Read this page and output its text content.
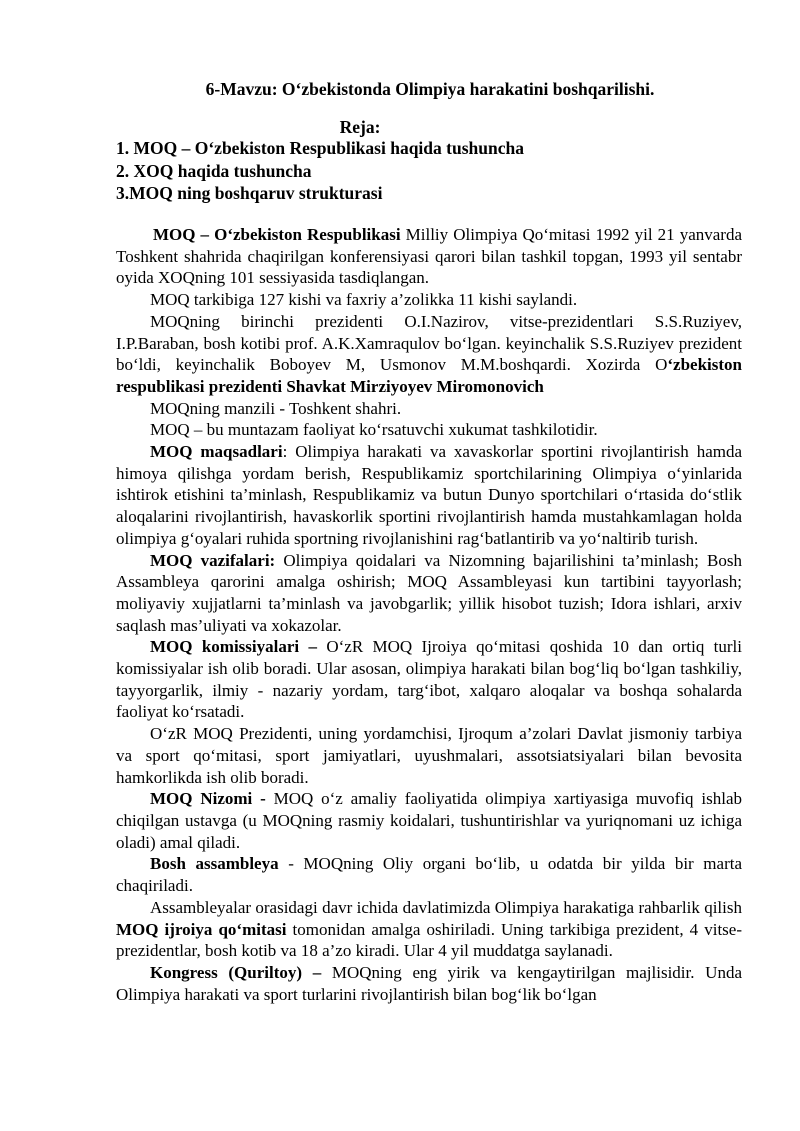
6-Mavzu: O‘zbekistonda Olimpiya harakatini boshqarilishi.
Reja:
1. MOQ – O‘zbekiston Respublikasi haqida tushuncha
2. XOQ haqida tushuncha
3.MOQ ning boshqaruv strukturasi

MOQ – O‘zbekiston Respublikasi Milliy Olimpiya Qo‘mitasi 1992 yil 21 yanvarda Toshkent shahrida chaqirilgan konferensiyasi qarori bilan tashkil topgan, 1993 yil sentabr oyida XOQning 101 sessiyasida tasdiqlangan.

MOQ tarkibiga 127 kishi va faxriy a’zolikka 11 kishi saylandi.

MOQning birinchi prezidenti O.I.Nazirov, vitse-prezidentlari S.S.Ruziyev, I.P.Baraban, bosh kotibi prof. A.K.Xamraqulov bo‘lgan. keyinchalik S.S.Ruziyev prezident bo‘ldi, keyinchalik Boboyev M, Usmonov M.M.boshqardi. Xozirda O‘zbekiston respublikasi prezidenti Shavkat Mirziyoyev Miromonovich

MOQning manzili - Toshkent shahri.

MOQ – bu muntazam faoliyat ko‘rsatuvchi xukumat tashkilotidir.

MOQ maqsadlari: Olimpiya harakati va xavaskorlar sportini rivojlantirish hamda himoya qilishga yordam berish, Respublikamiz sportchilarining Olimpiya o‘yinlarida ishtirok etishini ta’minlash, Respublikamiz va butun Dunyo sportchilari o‘rtasida do‘stlik aloqalarini rivojlantirish, havaskorlik sportini rivojlantirish hamda mustahkamlagan holda olimpiya g‘oyalari ruhida sportning rivojlanishini rag‘batlantirib va yo‘naltirib turish.

MOQ vazifalari: Olimpiya qoidalari va Nizomning bajarilishini ta’minlash; Bosh Assambleya qarorini amalga oshirish; MOQ Assambleyasi kun tartibini tayyorlash; moliyaviy xujjatlarni ta’minlash va javobgarlik; yillik hisobot tuzish; Idora ishlari, arxiv saqlash mas’uliyati va xokazolar.

MOQ komissiyalari – O‘zR MOQ Ijroiya qo‘mitasi qoshida 10 dan ortiq turli komissiyalar ish olib boradi. Ular asosan, olimpiya harakati bilan bog‘liq bo‘lgan tashkiliy, tayyorgarlik, ilmiy - nazariy yordam, targ‘ibot, xalqaro aloqalar va boshqa sohalarda faoliyat ko‘rsatadi.

O‘zR MOQ Prezidenti, uning yordamchisi, Ijroqum a’zolari Davlat jismoniy tarbiya va sport qo‘mitasi, sport jamiyatlari, uyushmalari, assotsiatsiyalari bilan bevosita hamkorlikda ish olib boradi.

MOQ Nizomi - MOQ o‘z amaliy faoliyatida olimpiya xartiyasiga muvofiq ishlab chiqilgan ustavga (u MOQning rasmiy koidalari, tushuntirishlar va yuriqnomani uz ichiga oladi) amal qiladi.

Bosh assambleya - MOQning Oliy organi bo‘lib, u odatda bir yilda bir marta chaqiriladi.

Assambleyalar orasidagi davr ichida davlatimizda Olimpiya harakatiga rahbarlik qilish MOQ ijroiya qo‘mitasi tomonidan amalga oshiriladi. Uning tarkibiga prezident, 4 vitse-prezidentlar, bosh kotib va 18 a’zo kiradi. Ular 4 yil muddatga saylanadi.

Kongress (Quriltoy) – MOQning eng yirik va kengaytirilgan majlisidir. Unda Olimpiya harakati va sport turlarini rivojlantirish bilan bog‘lik bo‘lgan
